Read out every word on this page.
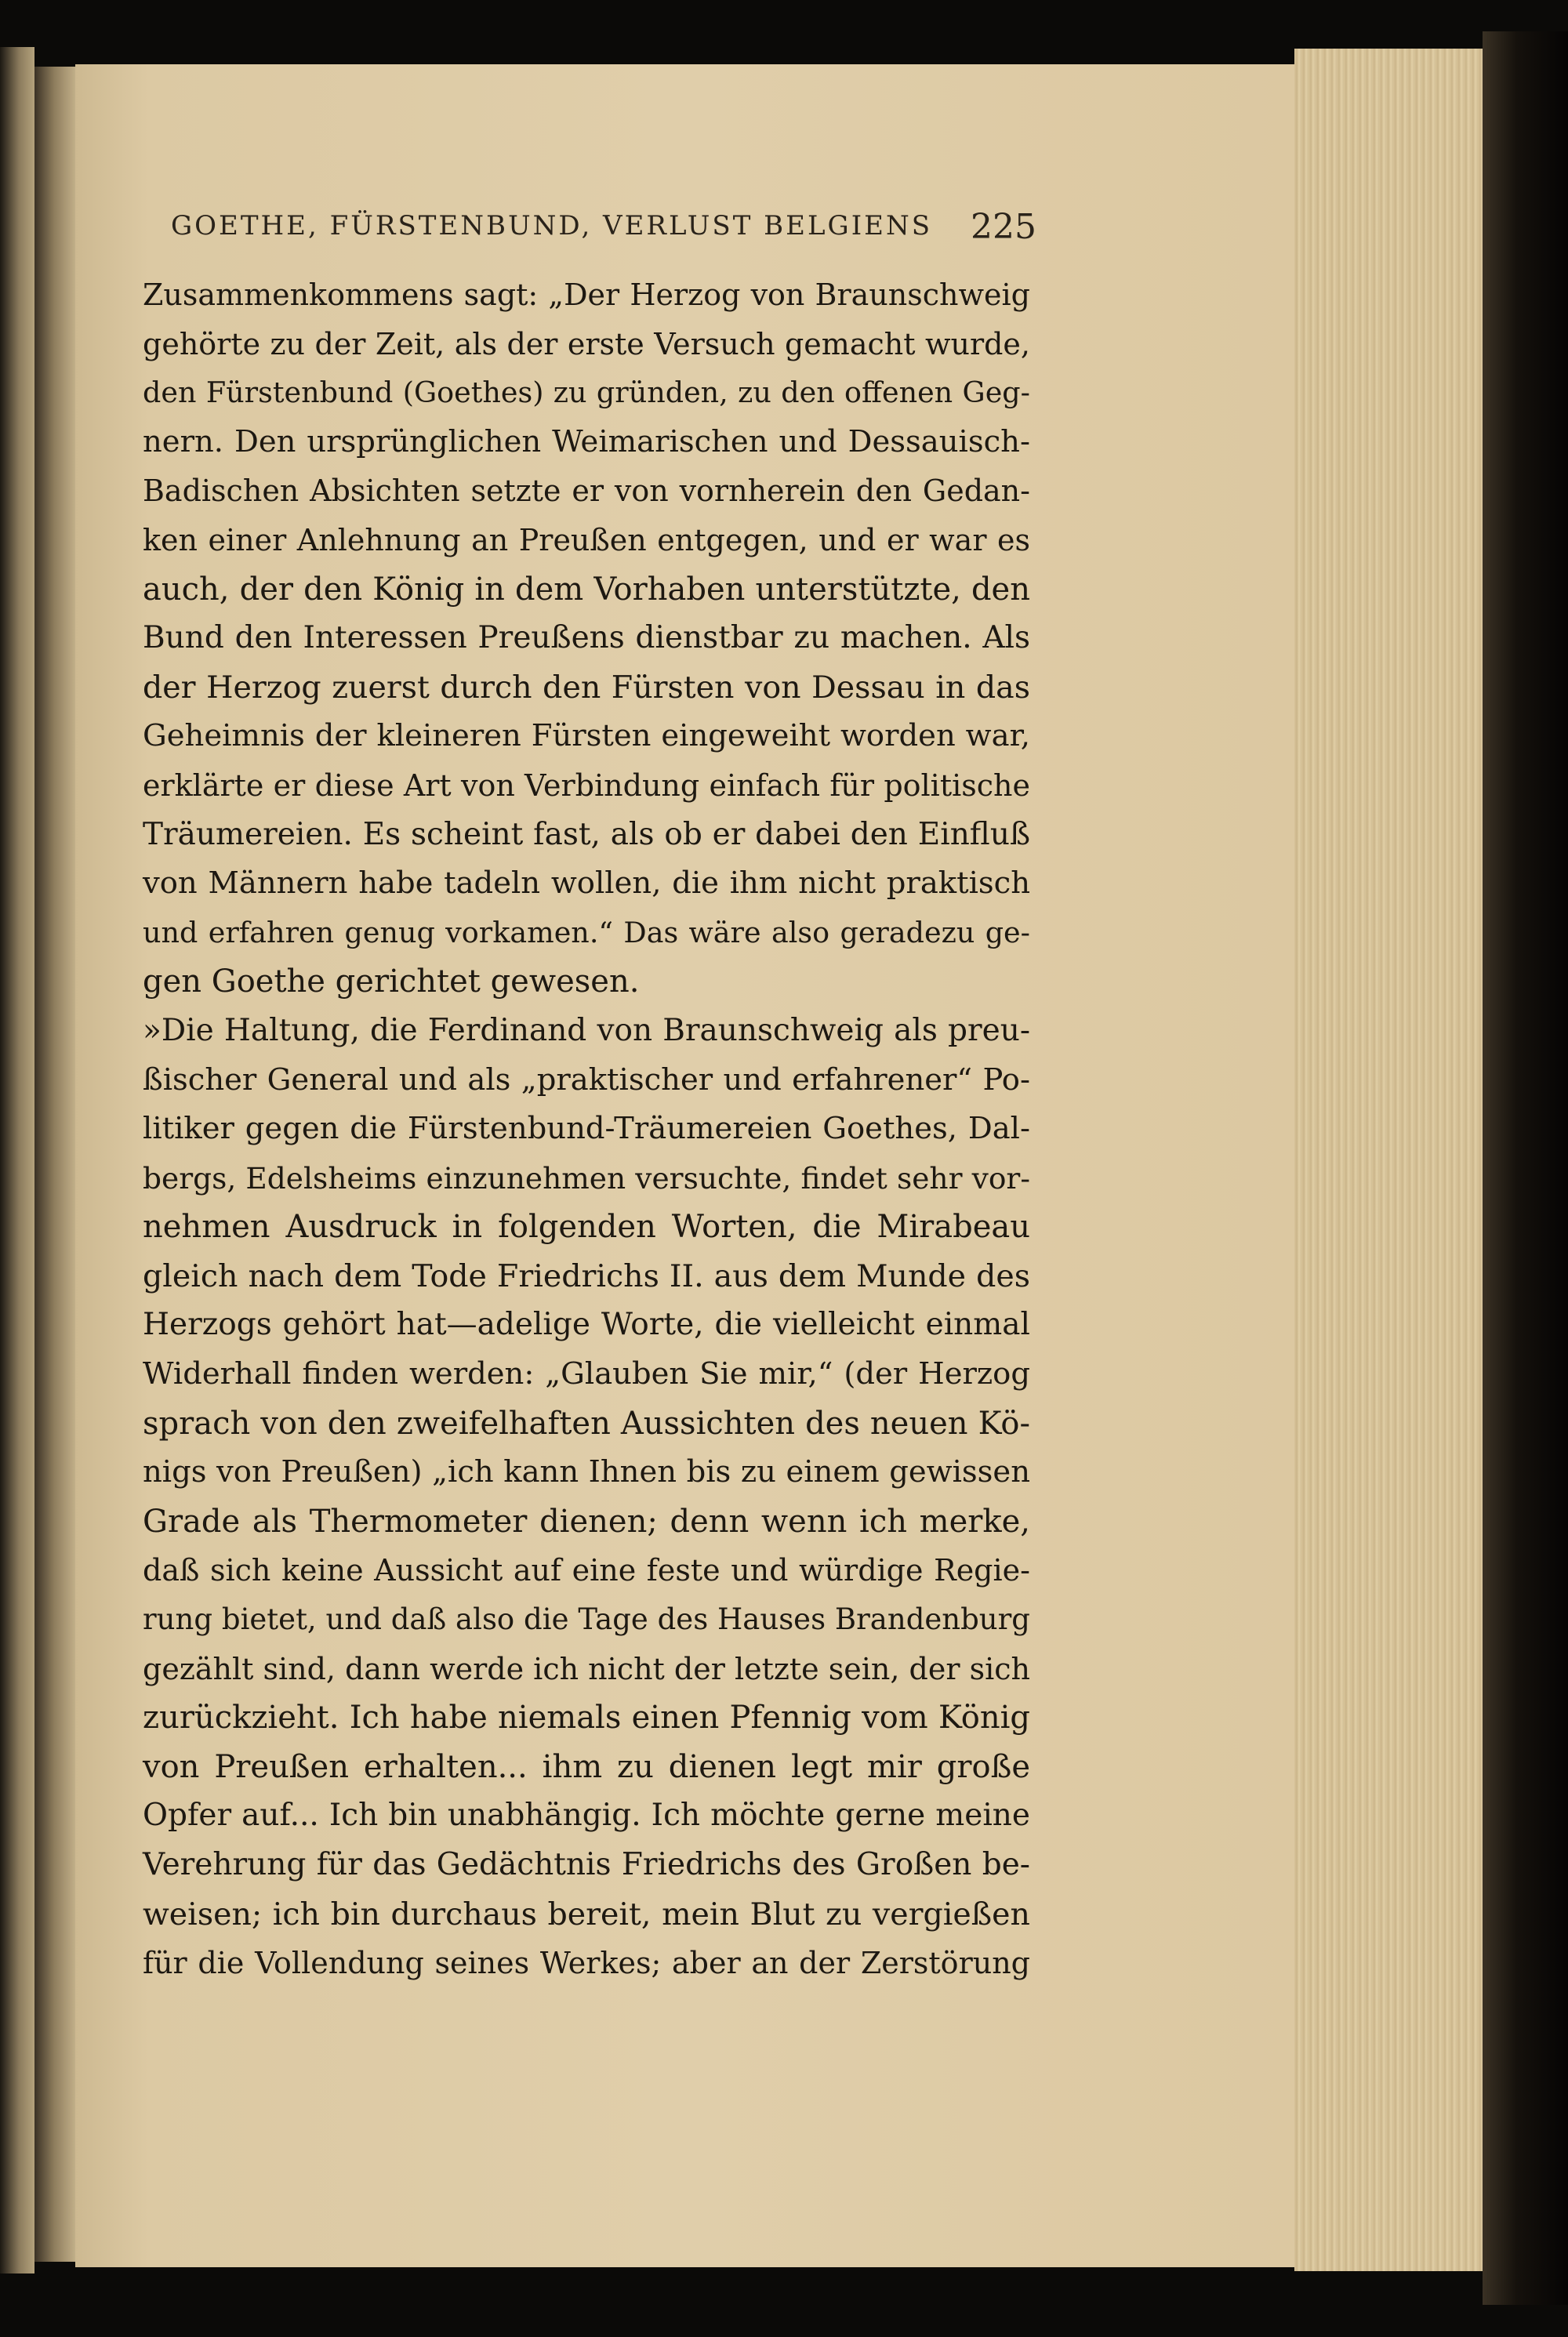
GOETHE, FÜRSTENBUND, VERLUST BELGIENS	225
Zusammenkommens sagt: „Der Herzog von Braunschweig
gehörte zu der Zeit, als der erste Versuch gemacht wurde,
den Fürstenbund (Goethes) zu gründen, zu den offenen Geg-
nern. Den ursprünglichen Weimarischen und Dessauisch-
Badischen Absichten setzte er von vornherein den Gedan-
ken einer Anlehnung an Preußen entgegen, und er war es
auch, der den König in dem Vorhaben unterstützte, den
Bund den Interessen Preußens dienstbar zu machen. Als
der Herzog zuerst durch den Fürsten von Dessau in das
Geheimnis der kleineren Fürsten eingeweiht worden war,
erklärte er diese Art von Verbindung einfach für politische
Träumereien. Es scheint fast, als ob er dabei den Einfluß
von Männern habe tadeln wollen, die ihm nicht praktisch
und erfahren genug vorkamen.“ Das wäre also geradezu ge-
gen Goethe gerichtet gewesen.
»Die Haltung, die Ferdinand von Braunschweig als preu-
ßischer General und als „praktischer und erfahrener“ Po-
litiker gegen die Fürstenbund-Träumereien Goethes, Dal-
bergs, Edelsheims einzunehmen versuchte, findet sehr vor-
nehmen Ausdruck in folgenden Worten, die Mirabeau
gleich nach dem Tode Friedrichs II. aus dem Munde des
Herzogs gehört hat—adelige Worte, die vielleicht einmal
Widerhall finden werden: „Glauben Sie mir,“ (der Herzog
sprach von den zweifelhaften Aussichten des neuen Kö-
nigs von Preußen) „ich kann Ihnen bis zu einem gewissen
Grade als Thermometer dienen; denn wenn ich merke,
daß sich keine Aussicht auf eine feste und würdige Regie-
rung bietet, und daß also die Tage des Hauses Brandenburg
gezählt sind, dann werde ich nicht der letzte sein, der sich
zurückzieht. Ich habe niemals einen Pfennig vom König
von Preußen erhalten... ihm zu dienen legt mir große
Opfer auf... Ich bin unabhängig. Ich möchte gerne meine
Verehrung für das Gedächtnis Friedrichs des Großen be-
weisen; ich bin durchaus bereit, mein Blut zu vergießen
für die Vollendung seines Werkes; aber an der Zerstörung
